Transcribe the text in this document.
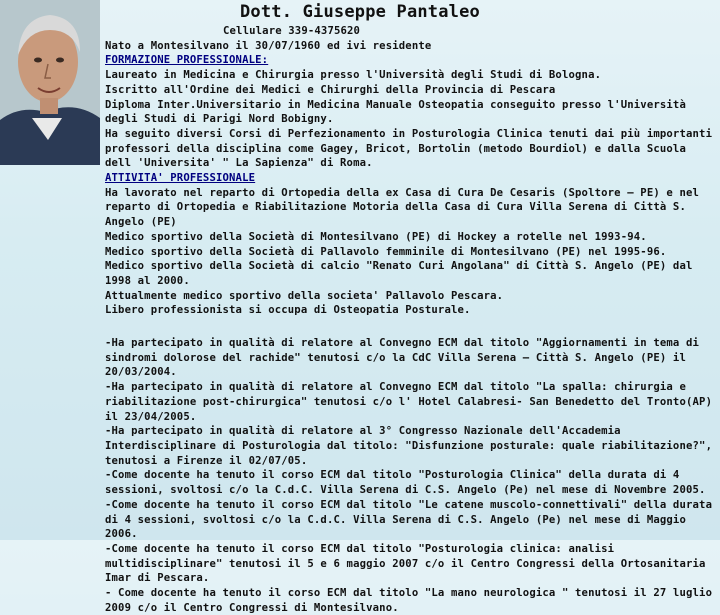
Dott. Giuseppe Pantaleo

Cellulare 339-4375620

Nato a Montesilvano il 30/07/1960 ed ivi residente

FORMAZIONE PROFESSIONALE:

Laureato in Medicina e Chirurgia presso l'Università degli Studi di Bologna.

Iscritto all'Ordine dei Medici e Chirurghi della Provincia di Pescara

Diploma Inter.Universitario in Medicina Manuale Osteopatia conseguito presso l'Università degli Studi di Parigi Nord Bobigny.

Ha seguito diversi Corsi di Perfezionamento in Posturologia Clinica tenuti dai più importanti professori della disciplina come Gagey, Bricot, Bortolin (metodo Bourdiol) e dalla Scuola dell 'Universita' " La Sapienza" di Roma.

ATTIVITA' PROFESSIONALE

Ha lavorato nel reparto di Ortopedia della ex Casa di Cura De Cesaris (Spoltore – PE) e nel reparto di Ortopedia e Riabilitazione Motoria della Casa di Cura Villa Serena di Città S. Angelo (PE)

Medico sportivo della Società di Montesilvano (PE) di Hockey a rotelle nel 1993-94.

Medico sportivo della Società di Pallavolo femminile di Montesilvano (PE) nel 1995-96.

Medico sportivo della Società di calcio "Renato Curi Angolana" di Città S. Angelo (PE) dal 1998 al 2000.

Attualmente medico sportivo della societa' Pallavolo Pescara.

Libero professionista si occupa di Osteopatia Posturale.

-Ha partecipato in qualità di relatore al Convegno ECM dal titolo "Aggiornamenti in tema di sindromi dolorose del rachide" tenutosi c/o la CdC Villa Serena – Città S. Angelo (PE) il 20/03/2004.

-Ha partecipato in qualità di relatore al Convegno ECM dal titolo "La spalla: chirurgia e riabilitazione post-chirurgica" tenutosi c/o l' Hotel Calabresi- San Benedetto del Tronto(AP) il 23/04/2005.

-Ha partecipato in qualità di relatore al 3° Congresso Nazionale dell'Accademia Interdisciplinare di Posturologia dal titolo: "Disfunzione posturale: quale riabilitazione?", tenutosi a Firenze il 02/07/05.

-Come docente ha tenuto il corso ECM dal titolo "Posturologia Clinica" della durata di 4 sessioni, svoltosi c/o la C.d.C. Villa Serena di C.S. Angelo (Pe) nel mese di Novembre 2005.

-Come docente ha tenuto il corso ECM dal titolo "Le catene muscolo-connettivali" della durata di 4 sessioni, svoltosi c/o la C.d.C. Villa Serena di C.S. Angelo (Pe) nel mese di Maggio 2006.

-Come docente ha tenuto il corso ECM dal titolo "Posturologia clinica: analisi multidisciplinare" tenutosi il 5 e 6 maggio 2007 c/o il Centro Congressi della Ortosanitaria Imar di Pescara.

- Come docente ha tenuto il corso ECM dal titolo "La mano neurologica " tenutosi il 27 luglio 2009 c/o il Centro Congressi di Montesilvano.
